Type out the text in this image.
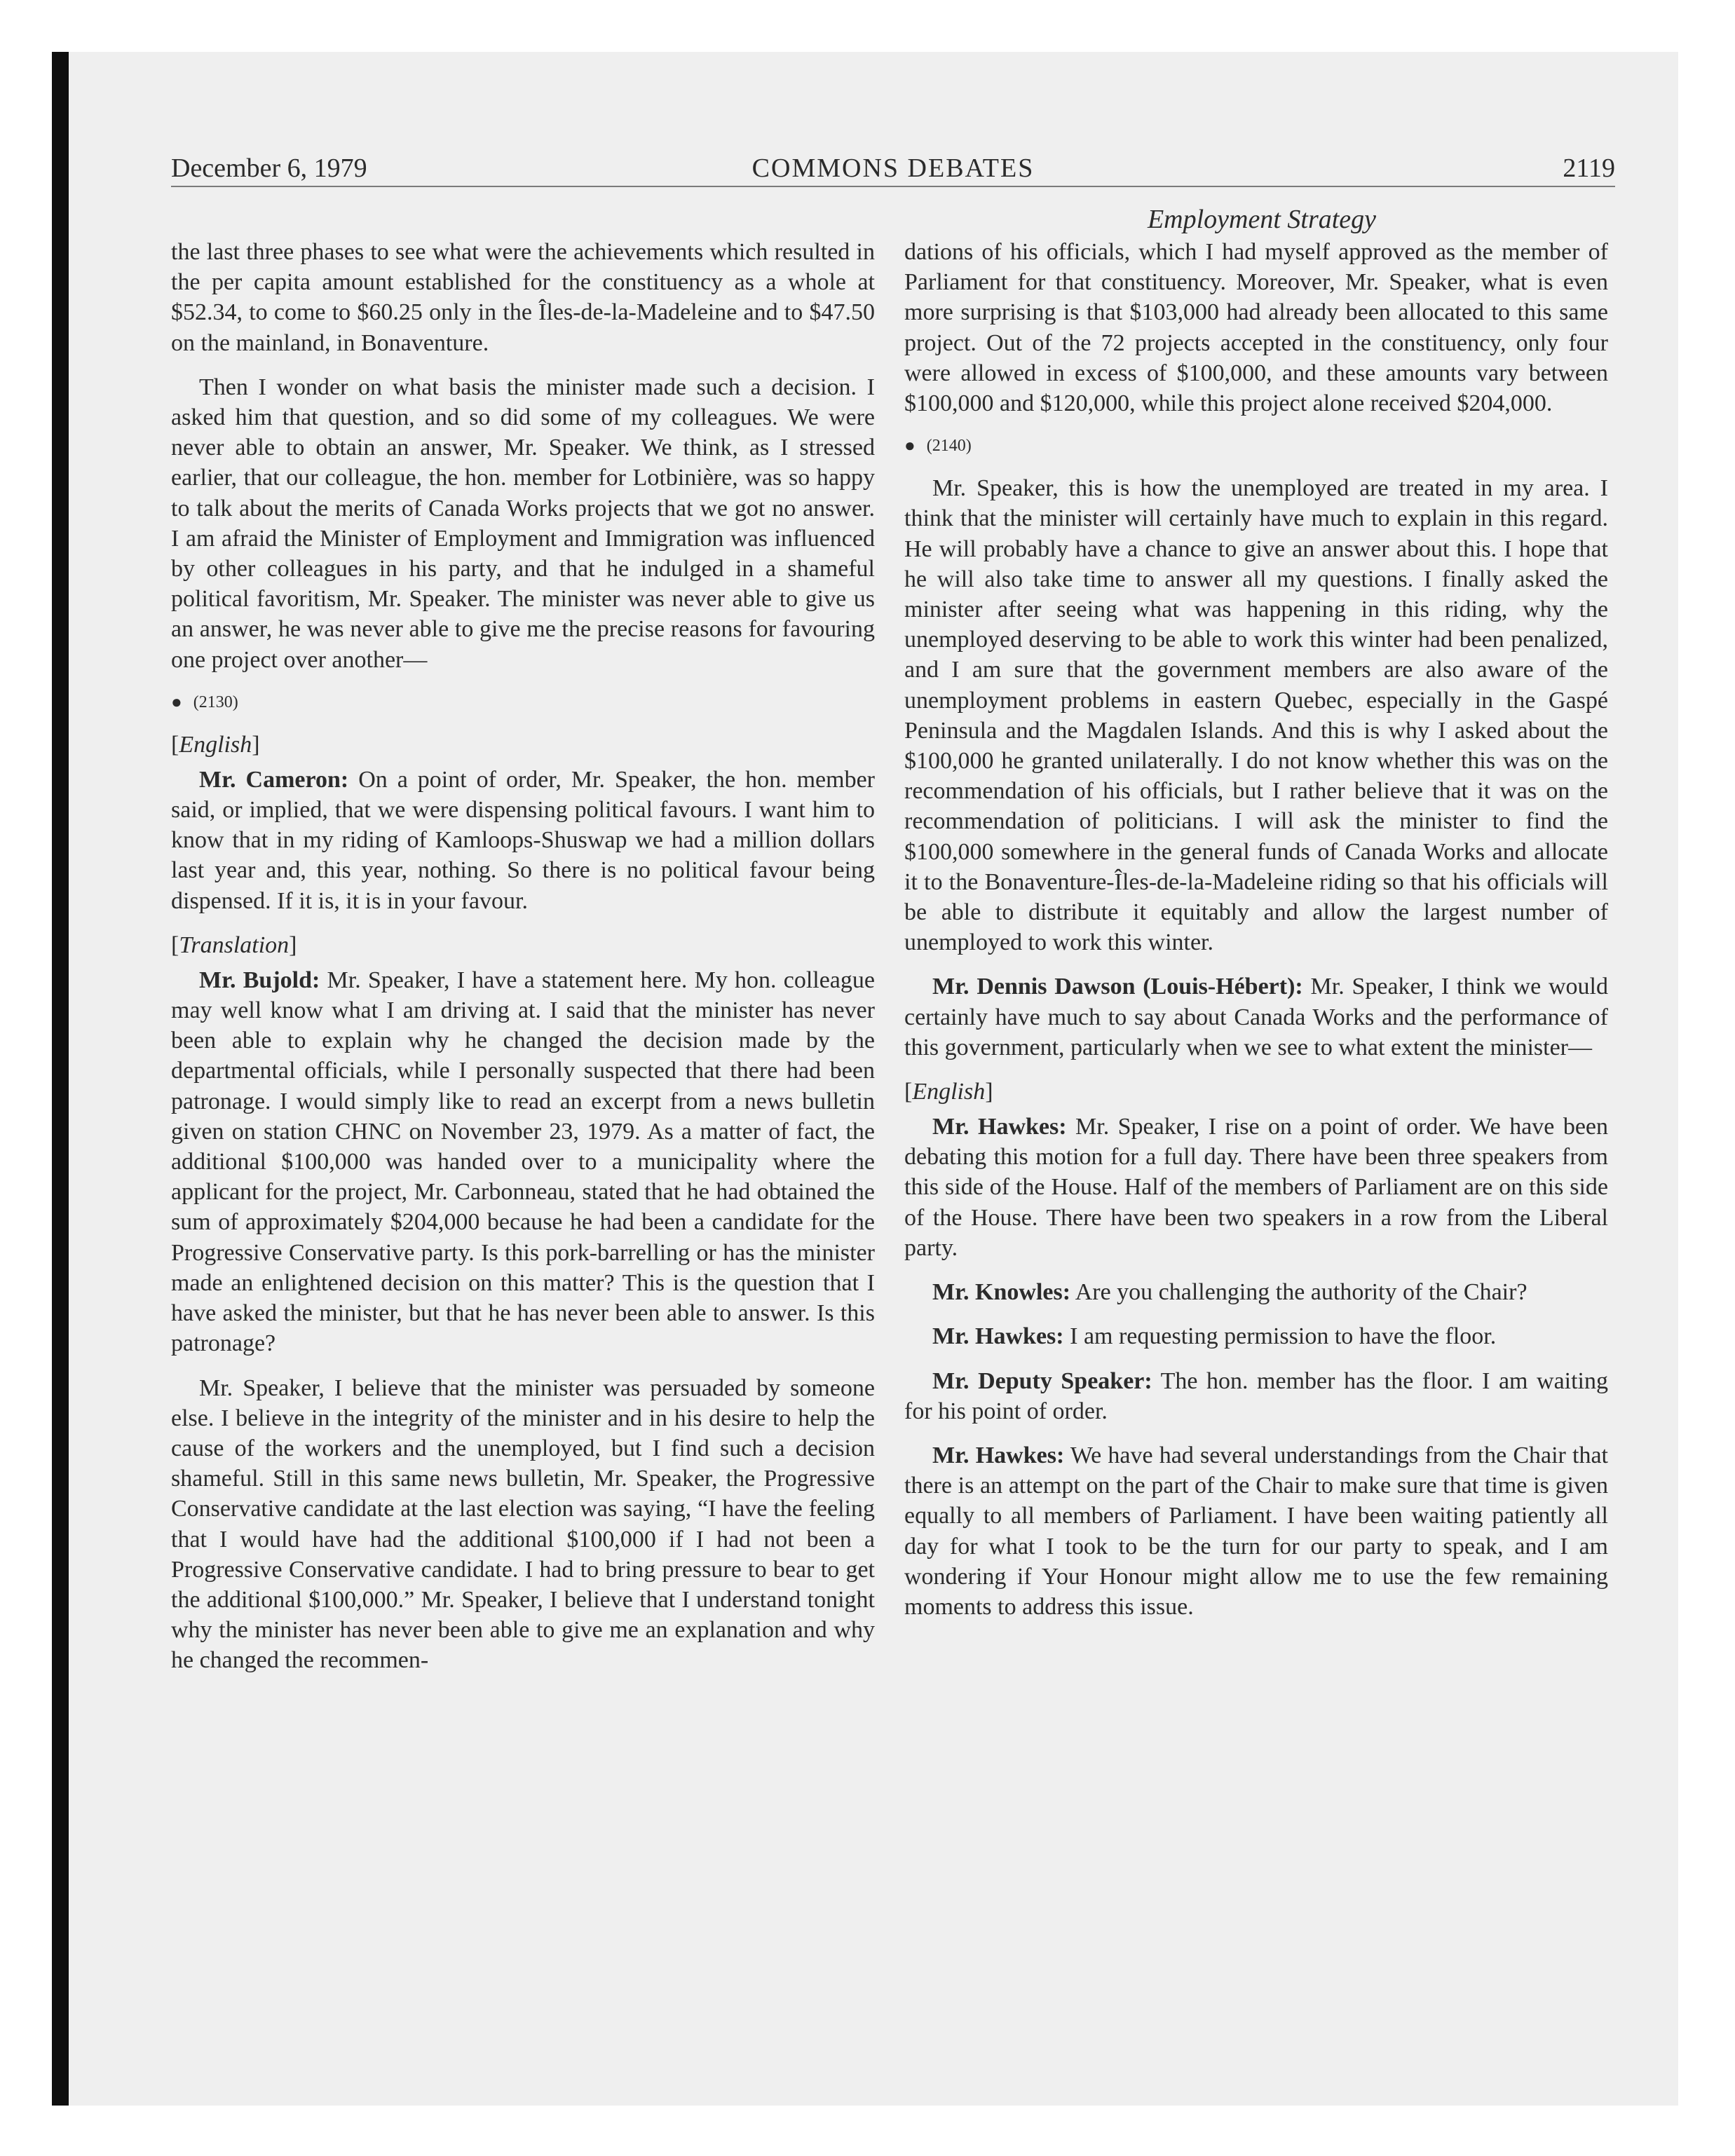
December 6, 1979	COMMONS DEBATES	2119
Employment Strategy

the last three phases to see what were the achievements which resulted in the per capita amount established for the constituency as a whole at $52.34, to come to $60.25 only in the Îles-de-la-Madeleine and to $47.50 on the mainland, in Bonaventure.

Then I wonder on what basis the minister made such a decision. I asked him that question, and so did some of my colleagues. We were never able to obtain an answer, Mr. Speaker. We think, as I stressed earlier, that our colleague, the hon. member for Lotbinière, was so happy to talk about the merits of Canada Works projects that we got no answer. I am afraid the Minister of Employment and Immigration was influenced by other colleagues in his party, and that he indulged in a shameful political favoritism, Mr. Speaker. The minister was never able to give us an answer, he was never able to give me the precise reasons for favouring one project over another—

● (2130)
[English]

Mr. Cameron: On a point of order, Mr. Speaker, the hon. member said, or implied, that we were dispensing political favours. I want him to know that in my riding of Kamloops-Shuswap we had a million dollars last year and, this year, nothing. So there is no political favour being dispensed. If it is, it is in your favour.

[Translation]

Mr. Bujold: Mr. Speaker, I have a statement here. My hon. colleague may well know what I am driving at. I said that the minister has never been able to explain why he changed the decision made by the departmental officials, while I personally suspected that there had been patronage. I would simply like to read an excerpt from a news bulletin given on station CHNC on November 23, 1979. As a matter of fact, the additional $100,000 was handed over to a municipality where the applicant for the project, Mr. Carbonneau, stated that he had obtained the sum of approximately $204,000 because he had been a candidate for the Progressive Conservative party. Is this pork-barrelling or has the minister made an enlightened decision on this matter? This is the question that I have asked the minister, but that he has never been able to answer. Is this patronage?

Mr. Speaker, I believe that the minister was persuaded by someone else. I believe in the integrity of the minister and in his desire to help the cause of the workers and the unemployed, but I find such a decision shameful. Still in this same news bulletin, Mr. Speaker, the Progressive Conservative candidate at the last election was saying, “I have the feeling that I would have had the additional $100,000 if I had not been a Progressive Conservative candidate. I had to bring pressure to bear to get the additional $100,000.” Mr. Speaker, I believe that I understand tonight why the minister has never been able to give me an explanation and why he changed the recommen-

dations of his officials, which I had myself approved as the member of Parliament for that constituency. Moreover, Mr. Speaker, what is even more surprising is that $103,000 had already been allocated to this same project. Out of the 72 projects accepted in the constituency, only four were allowed in excess of $100,000, and these amounts vary between $100,000 and $120,000, while this project alone received $204,000.

● (2140)

Mr. Speaker, this is how the unemployed are treated in my area. I think that the minister will certainly have much to explain in this regard. He will probably have a chance to give an answer about this. I hope that he will also take time to answer all my questions. I finally asked the minister after seeing what was happening in this riding, why the unemployed deserving to be able to work this winter had been penalized, and I am sure that the government members are also aware of the unemployment problems in eastern Quebec, especially in the Gaspé Peninsula and the Magdalen Islands. And this is why I asked about the $100,000 he granted unilaterally. I do not know whether this was on the recommendation of his officials, but I rather believe that it was on the recommendation of politicians. I will ask the minister to find the $100,000 somewhere in the general funds of Canada Works and allocate it to the Bonaventure-Îles-de-la-Madeleine riding so that his officials will be able to distribute it equitably and allow the largest number of unemployed to work this winter.

Mr. Dennis Dawson (Louis-Hébert): Mr. Speaker, I think we would certainly have much to say about Canada Works and the performance of this government, particularly when we see to what extent the minister—

[English]

Mr. Hawkes: Mr. Speaker, I rise on a point of order. We have been debating this motion for a full day. There have been three speakers from this side of the House. Half of the members of Parliament are on this side of the House. There have been two speakers in a row from the Liberal party.

Mr. Knowles: Are you challenging the authority of the Chair?

Mr. Hawkes: I am requesting permission to have the floor.

Mr. Deputy Speaker: The hon. member has the floor. I am waiting for his point of order.

Mr. Hawkes: We have had several understandings from the Chair that there is an attempt on the part of the Chair to make sure that time is given equally to all members of Parliament. I have been waiting patiently all day for what I took to be the turn for our party to speak, and I am wondering if Your Honour might allow me to use the few remaining moments to address this issue.
